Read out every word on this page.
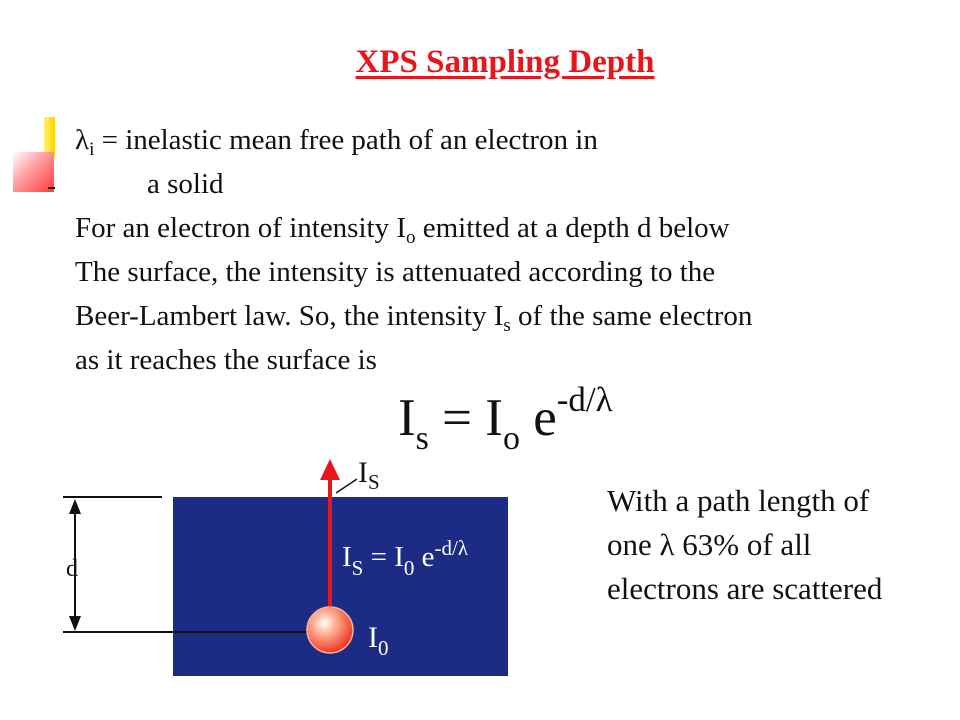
XPS Sampling Depth

$\lambda_i$ = inelastic mean free path of an electron in

a solid

For an electron of intensity $I_o$ emitted at a depth d below

The surface, the intensity is attenuated according to the

Beer-Lambert law. So, the intensity $I_s$ of the same electron

as it reaches the surface is

$I_s = I_o$ $e^{-d/\lambda}$
d
$I_S$
$I_S = I_0$ $e^{-d/\lambda}$
$I_0$

With a path length of

one λ 63% of all

electrons are scattered
